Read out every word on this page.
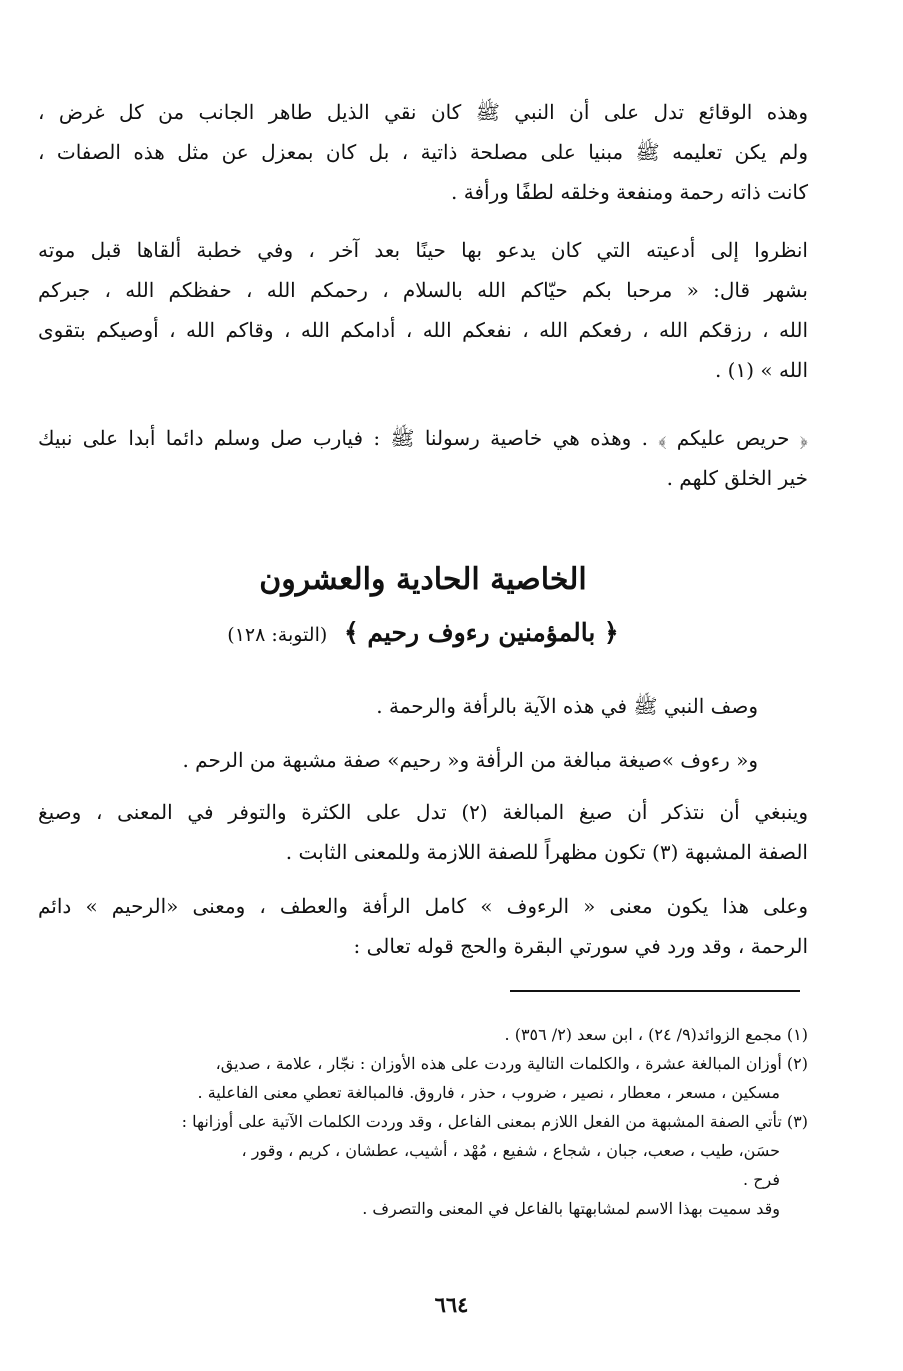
وهذه الوقائع تدل على أن النبي ﷺ كان نقي الذيل طاهر الجانب من كل غرض ،
ولم يكن تعليمه ﷺ مبنيا على مصلحة ذاتية ، بل كان بمعزل عن مثل هذه الصفات ،
كانت ذاته رحمة ومنفعة وخلقه لطفًا ورأفة .

انظروا إلى أدعيته التي كان يدعو بها حينًا بعد آخر ، وفي خطبة ألقاها قبل موته
بشهر قال: « مرحبا بكم حيّاكم الله بالسلام ، رحمكم الله ، حفظكم الله ، جبركم
الله ، رزقكم الله ، رفعكم الله ، نفعكم الله ، أدامكم الله ، وقاكم الله ، أوصيكم بتقوى
الله » (١) .

﴿ حريص عليكم ﴾ . وهذه هي خاصية رسولنا ﷺ : فيارب صل وسلم دائما أبدا على نبيك
خير الخلق كلهم .

الخاصية الحادية والعشرون
﴿ بالمؤمنين رءوف رحيم ﴾ (التوبة: ١٢٨)

وصف النبي ﷺ في هذه الآية بالرأفة والرحمة .

و« رءوف »صيغة مبالغة من الرأفة و« رحيم» صفة مشبهة من الرحم .

وينبغي أن نتذكر أن صيغ المبالغة (٢) تدل على الكثرة والتوفر في المعنى ، وصيغ
الصفة المشبهة (٣) تكون مظهراً للصفة اللازمة وللمعنى الثابت .

وعلى هذا يكون معنى « الرءوف » كامل الرأفة والعطف ، ومعنى «الرحيم » دائم
الرحمة ، وقد ورد في سورتي البقرة والحج قوله تعالى :

(١) مجمع الزوائد(٩/ ٢٤) ، ابن سعد (٢/ ٣٥٦) .
(٢) أوزان المبالغة عشرة ، والكلمات التالية وردت على هذه الأوزان : نجّار ، علامة ، صديق،
مسكين ، مسعر ، معطار ، نصير ، ضروب ، حذر ، فاروق. فالمبالغة تعطي معنى الفاعلية .
(٣) تأتي الصفة المشبهة من الفعل اللازم بمعنى الفاعل ، وقد وردت الكلمات الآتية على أوزانها :
حسَن، طيب ، صعب، جبان ، شجاع ، شفيع ، مُهْد ، أشيب، عطشان ، كريم ، وقور ،
فرح .
وقد سميت بهذا الاسم لمشابهتها بالفاعل في المعنى والتصرف .
٦٦٤
